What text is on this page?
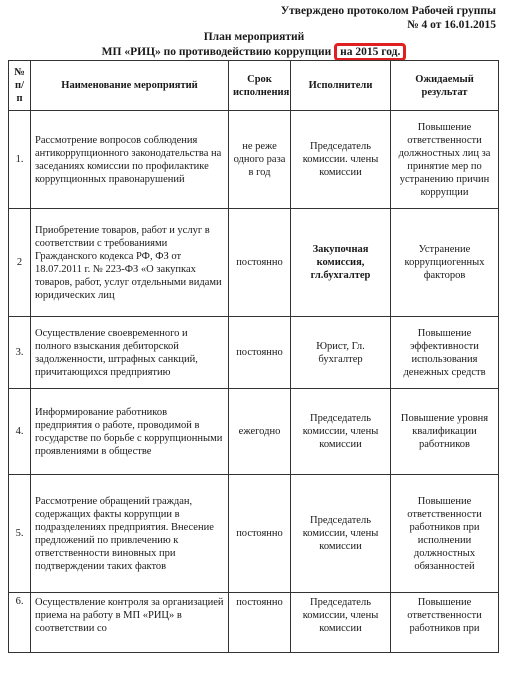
Утверждено протоколом Рабочей группы
№ 4 от 16.01.2015
План мероприятий
МП «РИЦ» по противодействию коррупции на 2015 год.
№ п/п	Наименование мероприятий	Срок исполнения	Исполнители	Ожидаемый результат
1.	Рассмотрение вопросов соблюдения антикоррупционного законодательства на заседаниях комиссии по профилактике коррупционных правонарушений	не реже одного раза в год	Председатель комиссии. члены комиссии	Повышение ответственности должностных лиц за принятие мер по устранению причин коррупции
2	Приобретение товаров, работ и услуг в соответствии с требованиями Гражданского кодекса РФ, ФЗ от 18.07.2011 г. № 223-ФЗ «О закупках товаров, работ, услуг отдельными видами юридических лиц	постоянно	Закупочная комиссия, гл.бухгалтер	Устранение коррупциогенных факторов
3.	Осуществление своевременного и полного взыскания дебиторской задолженности, штрафных санкций, причитающихся предприятию	постоянно	Юрист, Гл. бухгалтер	Повышение эффективности использования денежных средств
4.	Информирование работников предприятия о работе, проводимой в государстве по борьбе с коррупционными проявлениями в обществе	ежегодно	Председатель комиссии, члены комиссии	Повышение уровня квалификации работников
5.	Рассмотрение обращений граждан, содержащих факты коррупции в подразделениях предприятия. Внесение предложений по привлечению к ответственности виновных при подтверждении таких фактов	постоянно	Председатель комиссии, члены комиссии	Повышение ответственности работников при исполнении должностных обязанностей
6.	Осуществление контроля за организацией приема на работу в МП «РИЦ» в соответствии со	постоянно	Председатель комиссии, члены комиссии	Повышение ответственности работников при
